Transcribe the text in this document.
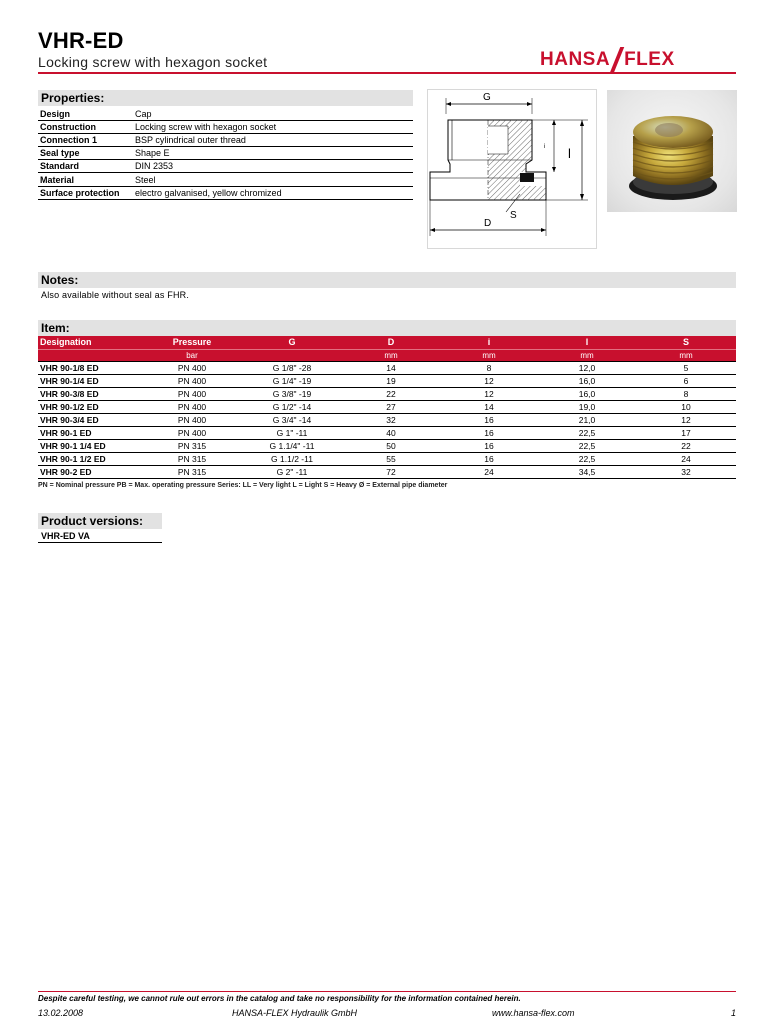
VHR-ED
Locking screw with hexagon socket	HANSA FLEX
Properties:
Design	Cap
Construction	Locking screw with hexagon socket
Connection 1	BSP cylindrical outer thread
Seal type	Shape E
Standard	DIN 2353
Material	Steel
Surface protection	electro galvanised, yellow chromized
G
i l
D
S
Notes:
Also available without seal as FHR.
Item:
Designation	Pressure	G	D	i	l	S
	bar		mm	mm	mm	mm
VHR 90-1/8 ED	PN 400	G 1/8" -28	14	8	12,0	5
VHR 90-1/4 ED	PN 400	G 1/4" -19	19	12	16,0	6
VHR 90-3/8 ED	PN 400	G 3/8" -19	22	12	16,0	8
VHR 90-1/2 ED	PN 400	G 1/2" -14	27	14	19,0	10
VHR 90-3/4 ED	PN 400	G 3/4" -14	32	16	21,0	12
VHR 90-1 ED	PN 400	G 1" -11	40	16	22,5	17
VHR 90-1 1/4 ED	PN 315	G 1.1/4" -11	50	16	22,5	22
VHR 90-1 1/2 ED	PN 315	G 1.1/2 -11	55	16	22,5	24
VHR 90-2 ED	PN 315	G 2" -11	72	24	34,5	32
PN = Nominal pressure PB = Max. operating pressure Series: LL = Very light L = Light S = Heavy Ø = External pipe diameter
Product versions:
VHR-ED VA
Despite careful testing, we cannot rule out errors in the catalog and take no responsibility for the information contained herein.
13.02.2008	HANSA-FLEX Hydraulik GmbH	www.hansa-flex.com	1
